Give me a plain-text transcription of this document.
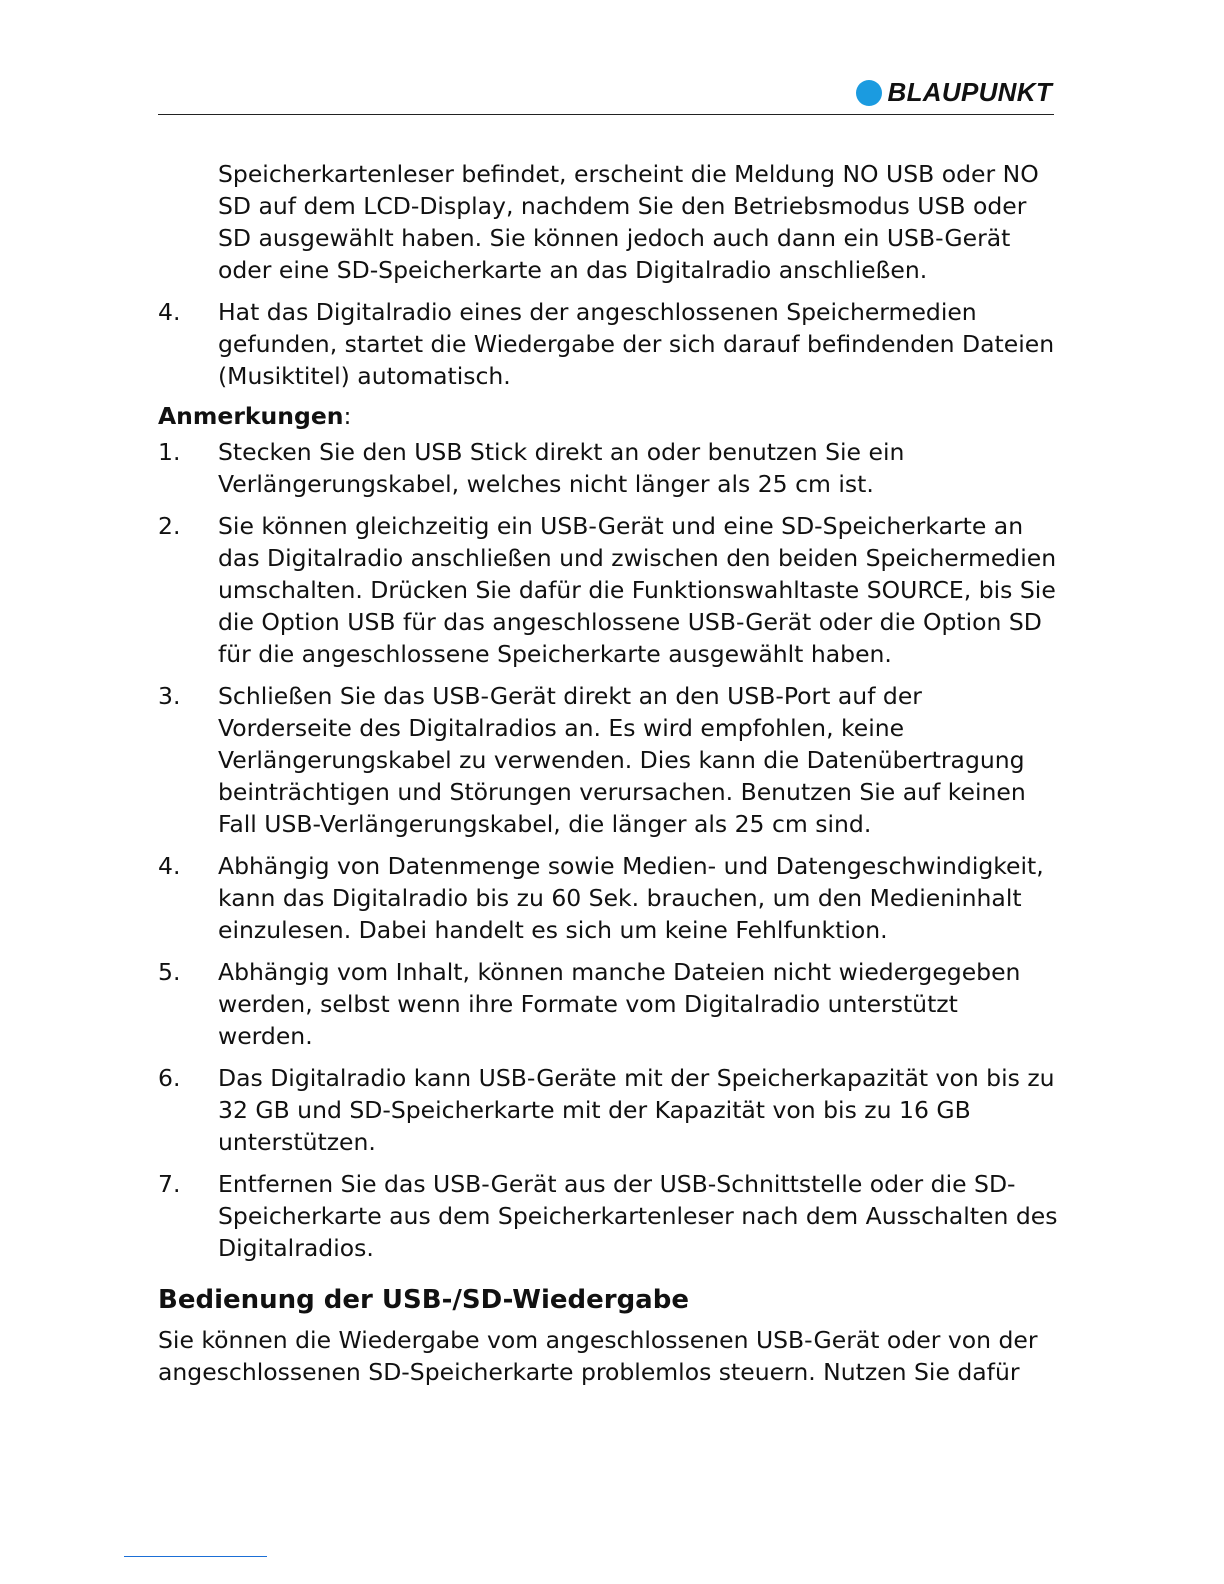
BLAUPUNKT
Speicherkartenleser befindet, erscheint die Meldung NO USB oder NO SD auf dem LCD-Display, nachdem Sie den Betriebsmodus USB oder SD ausgewählt haben. Sie können jedoch auch dann ein USB-Gerät oder eine SD-Speicherkarte an das Digitalradio anschließen.
4.	Hat das Digitalradio eines der angeschlossenen Speichermedien gefunden, startet die Wiedergabe der sich darauf befindenden Dateien (Musiktitel) automatisch.
Anmerkungen:
1.	Stecken Sie den USB Stick direkt an oder benutzen Sie ein Verlängerungskabel, welches nicht länger als 25 cm ist.
2.	Sie können gleichzeitig ein USB-Gerät und eine SD-Speicherkarte an das Digitalradio anschließen und zwischen den beiden Speichermedien umschalten. Drücken Sie dafür die Funktionswahltaste SOURCE, bis Sie die Option USB für das angeschlossene USB-Gerät oder die Option SD für die angeschlossene Speicherkarte ausgewählt haben.
3.	Schließen Sie das USB-Gerät direkt an den USB-Port auf der Vorderseite des Digitalradios an. Es wird empfohlen, keine Verlängerungskabel zu verwenden. Dies kann die Datenübertragung beinträchtigen und Störungen verursachen. Benutzen Sie auf keinen Fall USB-Verlängerungskabel, die länger als 25 cm sind.
4.	Abhängig von Datenmenge sowie Medien- und Datengeschwindigkeit, kann das Digitalradio bis zu 60 Sek. brauchen, um den Medieninhalt einzulesen. Dabei handelt es sich um keine Fehlfunktion.
5.	Abhängig vom Inhalt, können manche Dateien nicht wiedergegeben werden, selbst wenn ihre Formate vom Digitalradio unterstützt werden.
6.	Das Digitalradio kann USB-Geräte mit der Speicherkapazität von bis zu 32 GB und SD-Speicherkarte mit der Kapazität von bis zu 16 GB unterstützen.
7.	Entfernen Sie das USB-Gerät aus der USB-Schnittstelle oder die SD-Speicherkarte aus dem Speicherkartenleser nach dem Ausschalten des Digitalradios.
Bedienung der USB-/SD-Wiedergabe
Sie können die Wiedergabe vom angeschlossenen USB-Gerät oder von der angeschlossenen SD-Speicherkarte problemlos steuern. Nutzen Sie dafür
